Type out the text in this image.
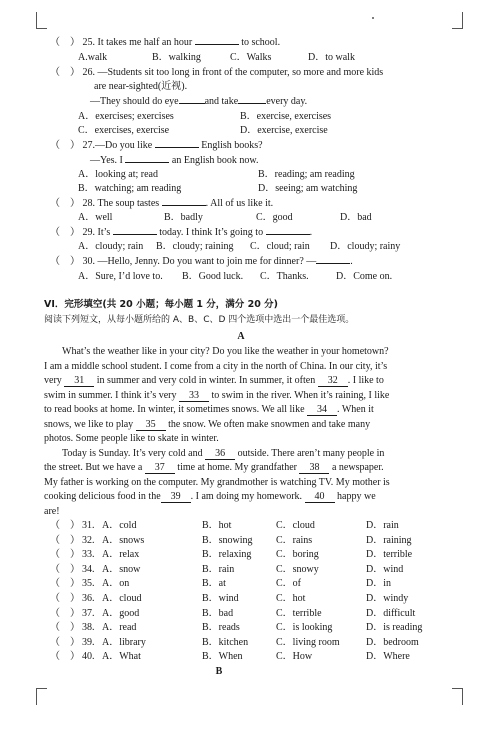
（　） 25. It takes me half an hour	to school.
A.walk	B．walking	C．Walks	D．to walk
（　） 26. —Students sit too long in front of the computer, so more and more kids
are near-sighted(近视).
—They should do eye	and take	every day.
A．exercises; exercises	B．exercise, exercises
C．exercises, exercise	D．exercise, exercise
（　） 27.—Do you like	English books?
—Yes. I	an English book now.
A．looking at; read	B．reading; am reading
B．watching; am reading	D．seeing; am watching
（　） 28. The soup tastes	. All of us like it.
A．well	B．badly	C．good	D．bad
（　） 29. It’s	today. I think It’s going to	.
A．cloudy; rain B．cloudy; raining C．cloud; rain D．cloudy; rainy
（　） 30. —Hello, Jenny. Do you want to join me for dinner? —	.
A．Sure, I’d love to. B．Good luck. C．Thanks.	D．Come on.
VI．完形填空(共 20 小题；每小题 1 分，满分 20 分)
阅读下列短文，从每小题所给的 A、B、C、D 四个选项中选出一个最佳选项。
A
What’s the weather like in your city? Do you like the weather in your hometown?
I am a middle school student. I come from a city in the north of China. In our city, it’s
very 31 in summer and very cold in winter. In summer, it often 32 . I like to
swim in summer. I think it’s very 33 to swim in the river. When it’s raining, I like
to read books at home. In winter, it sometimes snows. We all like 34 . When it
snows, we like to play 35 the snow. We often make snowmen and take many
photos. Some people like to skate in winter.
Today is Sunday. It’s very cold and 36 outside. There aren’t many people in
the street. But we have a 37 time at home. My grandfather 38 a newspaper.
My father is working on the computer. My grandmother is watching TV. My mother is
cooking delicious food in the 39 . I am doing my homework. 40 happy we
are!
（　） 31. A．cold	B．hot	C．cloud	D．rain
（　） 32. A．snows	B．snowing C．rains	D．raining
（　） 33. A．relax	B．relaxing C．boring	D．terrible
（　） 34. A．snow	B．rain	C．snowy	D．wind
（　） 35. A．on	B．at	C．of	D．in
（　） 36. A．cloud	B．wind	C．hot	D．windy
（　） 37. A．good	B．bad	C．terrible	D．difficult
（　） 38. A．read	B．reads	C．is looking	D．is reading
（　） 39. A．library	B．kitchen	C．living room	D．bedroom
（　） 40. A．What	B．When	C．How	D．Where
B
